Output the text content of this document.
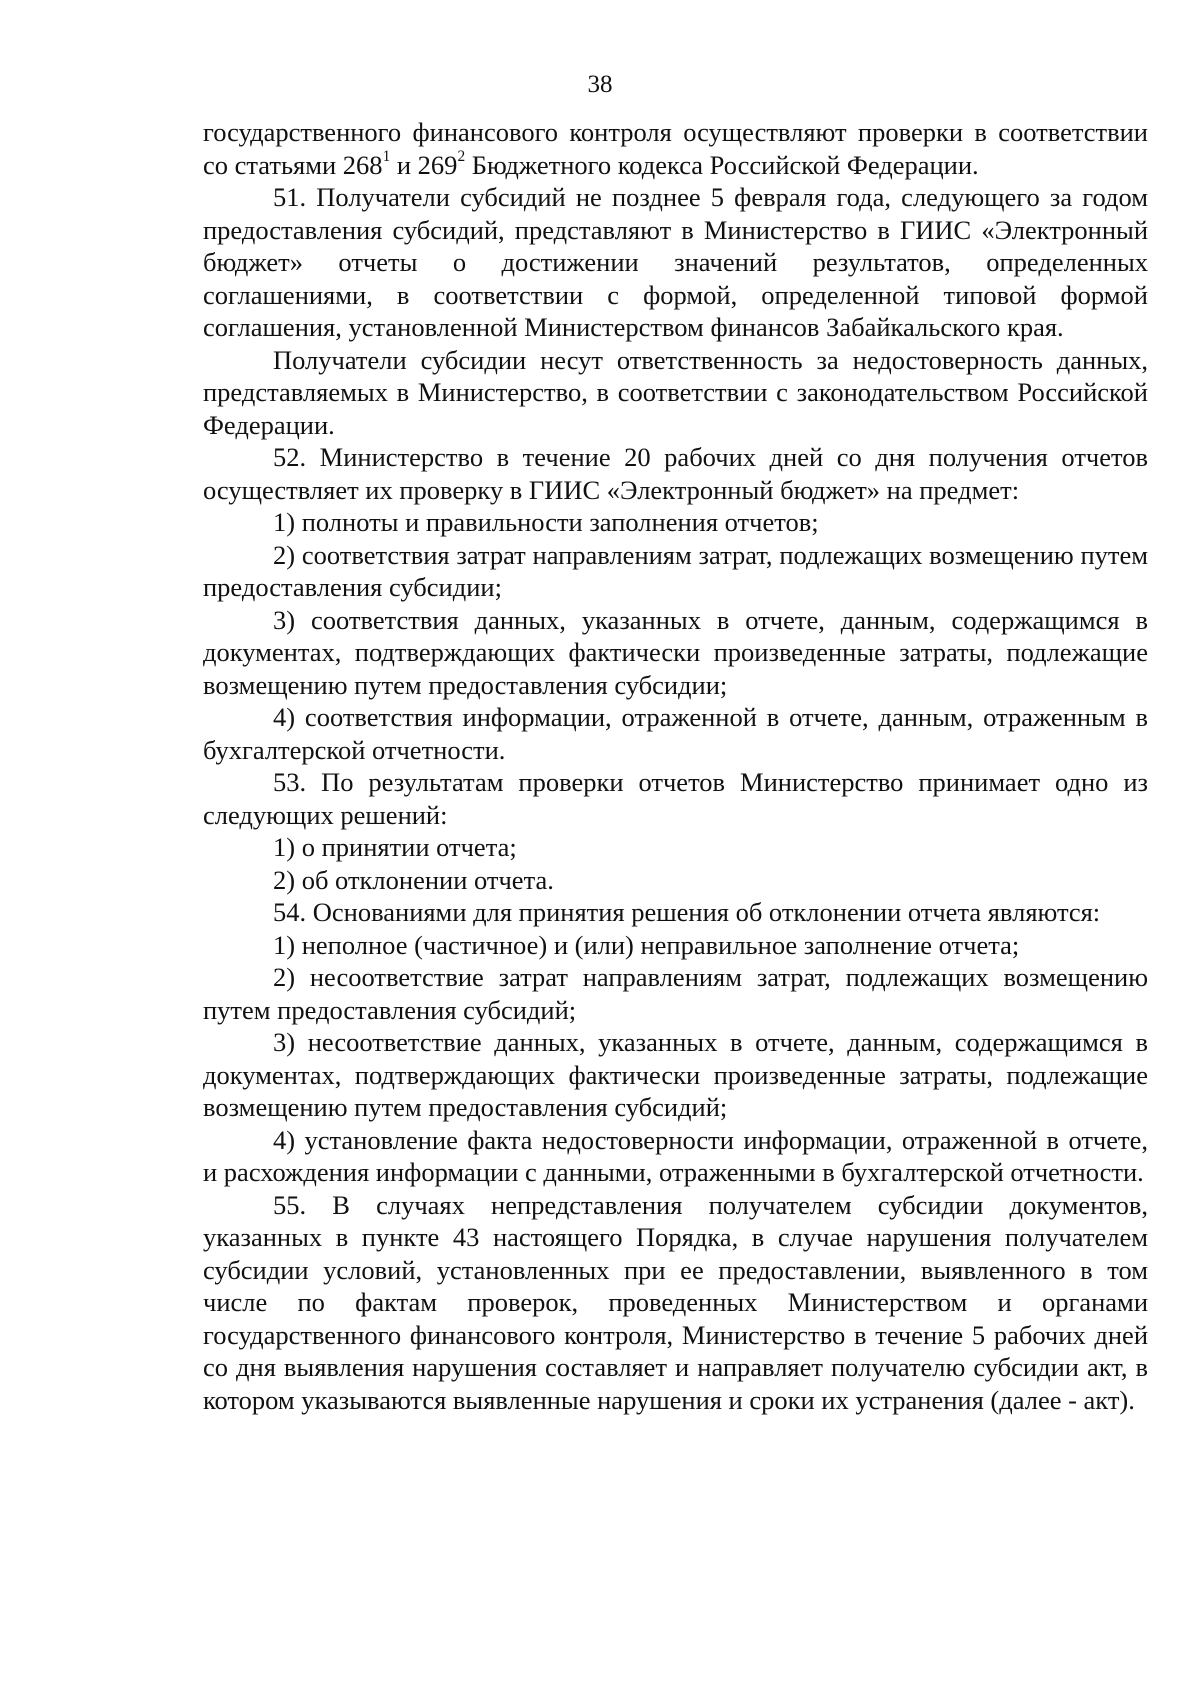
38

государственного финансового контроля осуществляют проверки в соответствии со статьями $268^1$ и $269^2$ Бюджетного кодекса Российской Федерации.

51. Получатели субсидий не позднее 5 февраля года, следующего за годом предоставления субсидий, представляют в Министерство в ГИИС «Электронный бюджет» отчеты о достижении значений результатов, определенных соглашениями, в соответствии с формой, определенной типовой формой соглашения, установленной Министерством финансов Забайкальского края.

Получатели субсидии несут ответственность за недостоверность данных, представляемых в Министерство, в соответствии с законодательством Российской Федерации.

52. Министерство в течение 20 рабочих дней со дня получения отчетов осуществляет их проверку в ГИИС «Электронный бюджет» на предмет:

1) полноты и правильности заполнения отчетов;

2) соответствия затрат направлениям затрат, подлежащих возмещению путем предоставления субсидии;

3) соответствия данных, указанных в отчете, данным, содержащимся в документах, подтверждающих фактически произведенные затраты, подлежащие возмещению путем предоставления субсидии;

4) соответствия информации, отраженной в отчете, данным, отраженным в бухгалтерской отчетности.

53. По результатам проверки отчетов Министерство принимает одно из следующих решений:

1) о принятии отчета;

2) об отклонении отчета.

54. Основаниями для принятия решения об отклонении отчета являются:

1) неполное (частичное) и (или) неправильное заполнение отчета;

2) несоответствие затрат направлениям затрат, подлежащих возмещению путем предоставления субсидий;

3) несоответствие данных, указанных в отчете, данным, содержащимся в документах, подтверждающих фактически произведенные затраты, подлежащие возмещению путем предоставления субсидий;

4) установление факта недостоверности информации, отраженной в отчете, и расхождения информации с данными, отраженными в бухгалтерской отчетности.

55. В случаях непредставления получателем субсидии документов, указанных в пункте 43 настоящего Порядка, в случае нарушения получателем субсидии условий, установленных при ее предоставлении, выявленного в том числе по фактам проверок, проведенных Министерством и органами государственного финансового контроля, Министерство в течение 5 рабочих дней со дня выявления нарушения составляет и направляет получателю субсидии акт, в котором указываются выявленные нарушения и сроки их устранения (далее - акт).
